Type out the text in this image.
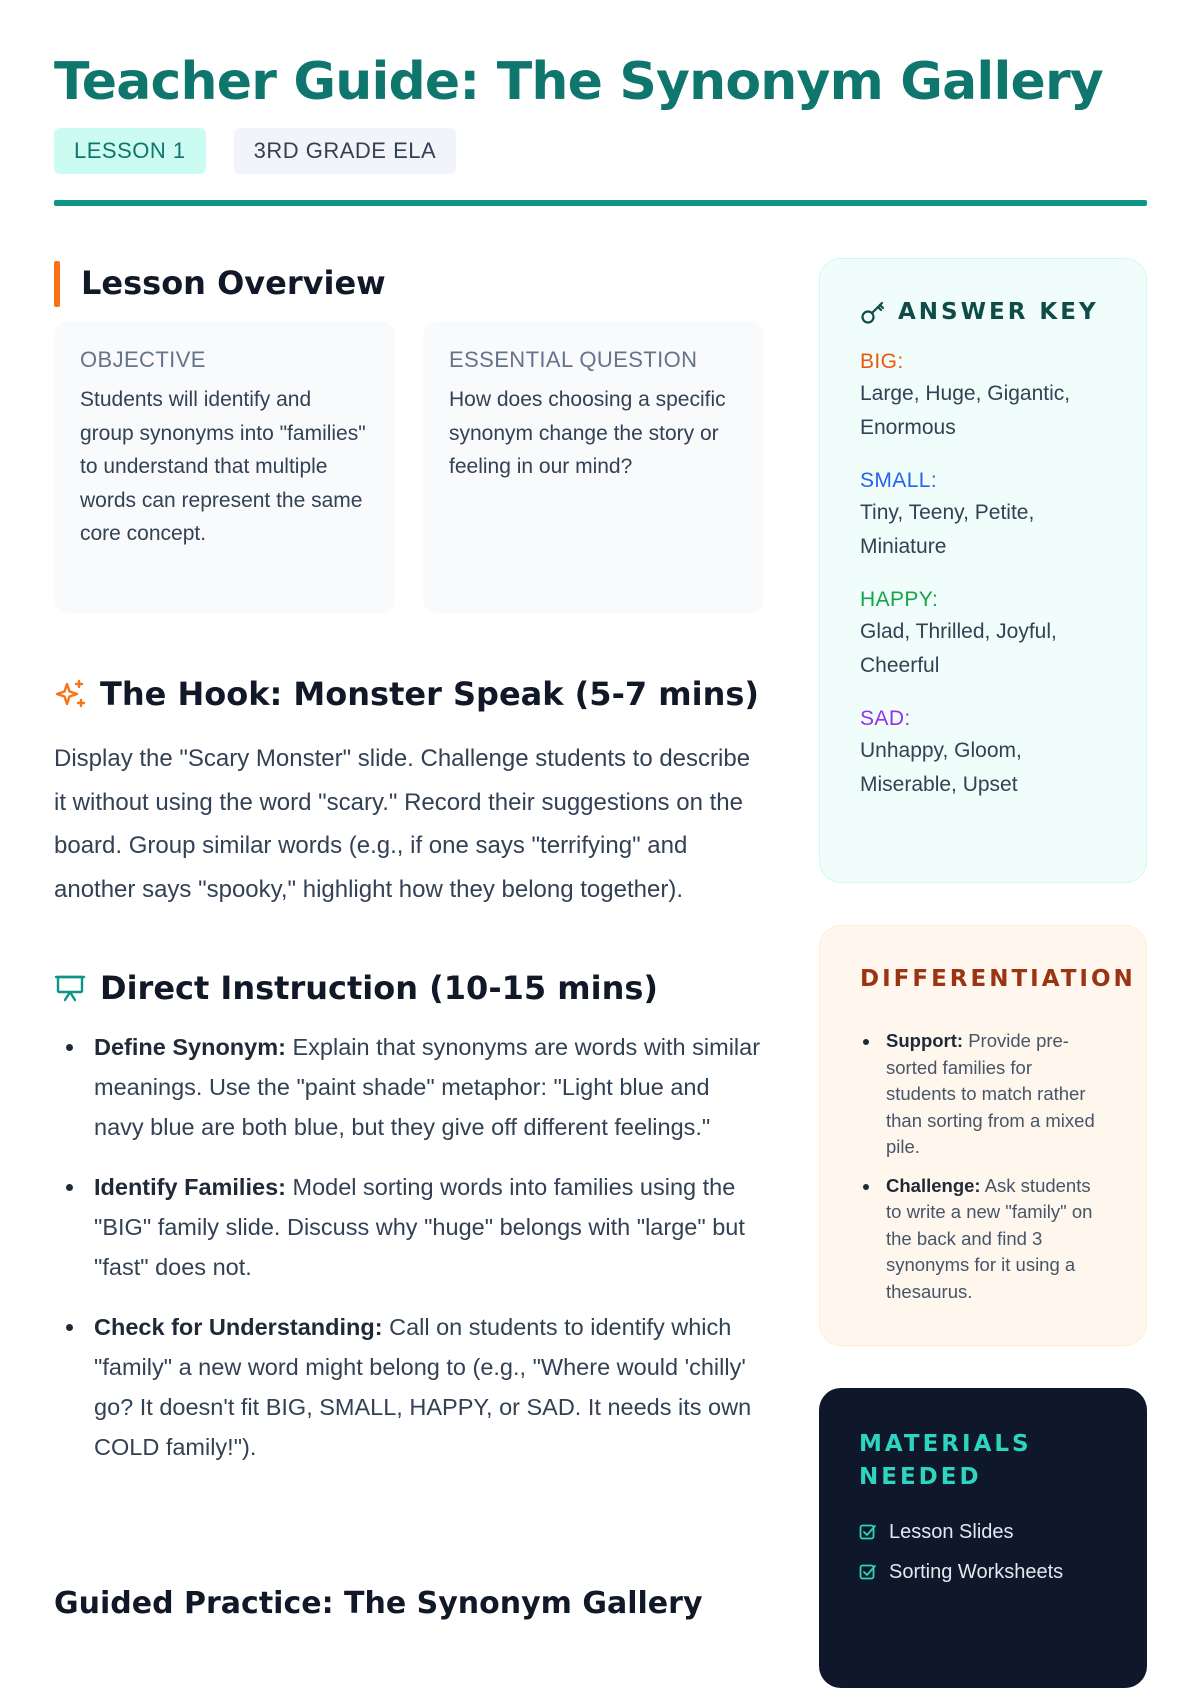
Teacher Guide: The Synonym Gallery
LESSON 1	3RD GRADE ELA
Lesson Overview
OBJECTIVE
Students will identify and group synonyms into "families" to understand that multiple words can represent the same core concept.
ESSENTIAL QUESTION
How does choosing a specific synonym change the story or feeling in our mind?
The Hook: Monster Speak (5-7 mins)

Display the "Scary Monster" slide. Challenge students to describe it without using the word "scary." Record their suggestions on the board. Group similar words (e.g., if one says "terrifying" and another says "spooky," highlight how they belong together).

Direct Instruction (10-15 mins)
Define Synonym: Explain that synonyms are words with similar meanings. Use the "paint shade" metaphor: "Light blue and navy blue are both blue, but they give off different feelings."
Identify Families: Model sorting words into families using the "BIG" family slide. Discuss why "huge" belongs with "large" but "fast" does not.
Check for Understanding: Call on students to identify which "family" a new word might belong to (e.g., "Where would 'chilly' go? It doesn't fit BIG, SMALL, HAPPY, or SAD. It needs its own COLD family!").
Guided Practice: The Synonym Gallery
ANSWER KEY
BIG:
Large, Huge, Gigantic, Enormous
SMALL:
Tiny, Teeny, Petite, Miniature
HAPPY:
Glad, Thrilled, Joyful, Cheerful
SAD:
Unhappy, Gloom, Miserable, Upset
DIFFERENTIATION
Support: Provide pre-sorted families for students to match rather than sorting from a mixed pile.
Challenge: Ask students to write a new "family" on the back and find 3 synonyms for it using a thesaurus.
MATERIALS NEEDED
Lesson Slides
Sorting Worksheets
